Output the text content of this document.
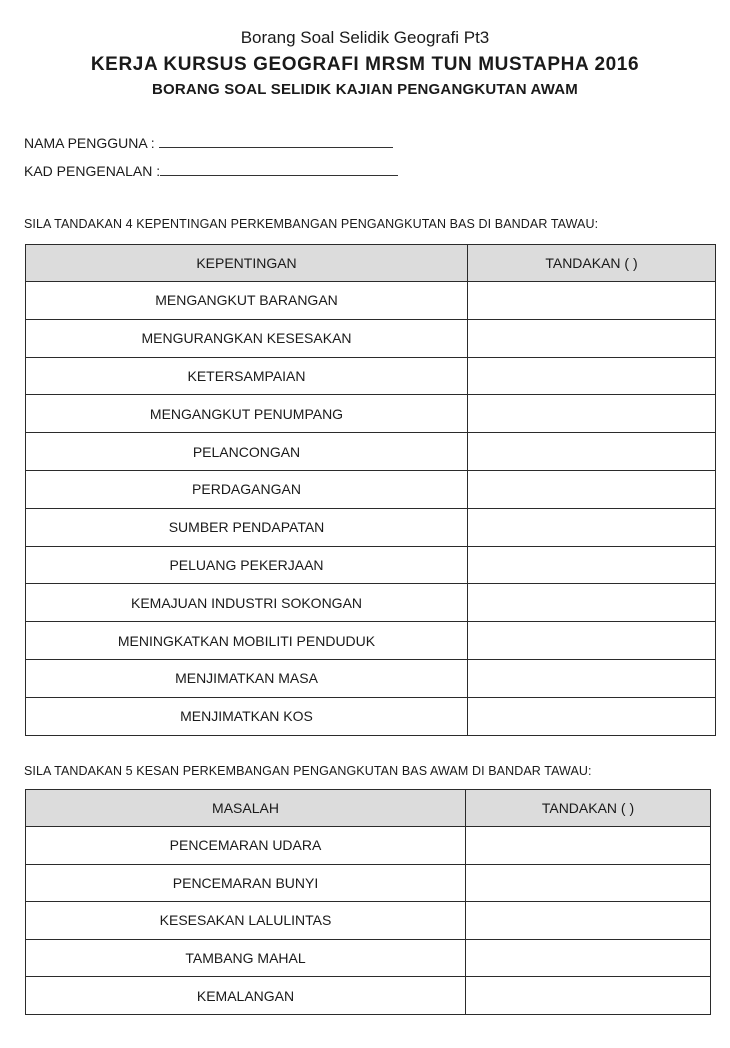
Borang Soal Selidik Geografi Pt3
KERJA KURSUS GEOGRAFI MRSM TUN MUSTAPHA 2016
BORANG SOAL SELIDIK KAJIAN PENGANGKUTAN AWAM
NAMA PENGGUNA :
KAD PENGENALAN :
SILA TANDAKAN 4 KEPENTINGAN PERKEMBANGAN PENGANGKUTAN BAS DI BANDAR TAWAU:
KEPENTINGAN	TANDAKAN ( )
MENGANGKUT BARANGAN	
MENGURANGKAN KESESAKAN	
KETERSAMPAIAN	
MENGANGKUT PENUMPANG	
PELANCONGAN	
PERDAGANGAN	
SUMBER PENDAPATAN	
PELUANG PEKERJAAN	
KEMAJUAN INDUSTRI SOKONGAN	
MENINGKATKAN MOBILITI PENDUDUK	
MENJIMATKAN MASA	
MENJIMATKAN KOS	
SILA TANDAKAN 5 KESAN PERKEMBANGAN PENGANGKUTAN BAS AWAM DI BANDAR TAWAU:
MASALAH	TANDAKAN ( )
PENCEMARAN UDARA	
PENCEMARAN BUNYI	
KESESAKAN LALULINTAS	
TAMBANG MAHAL	
KEMALANGAN	
